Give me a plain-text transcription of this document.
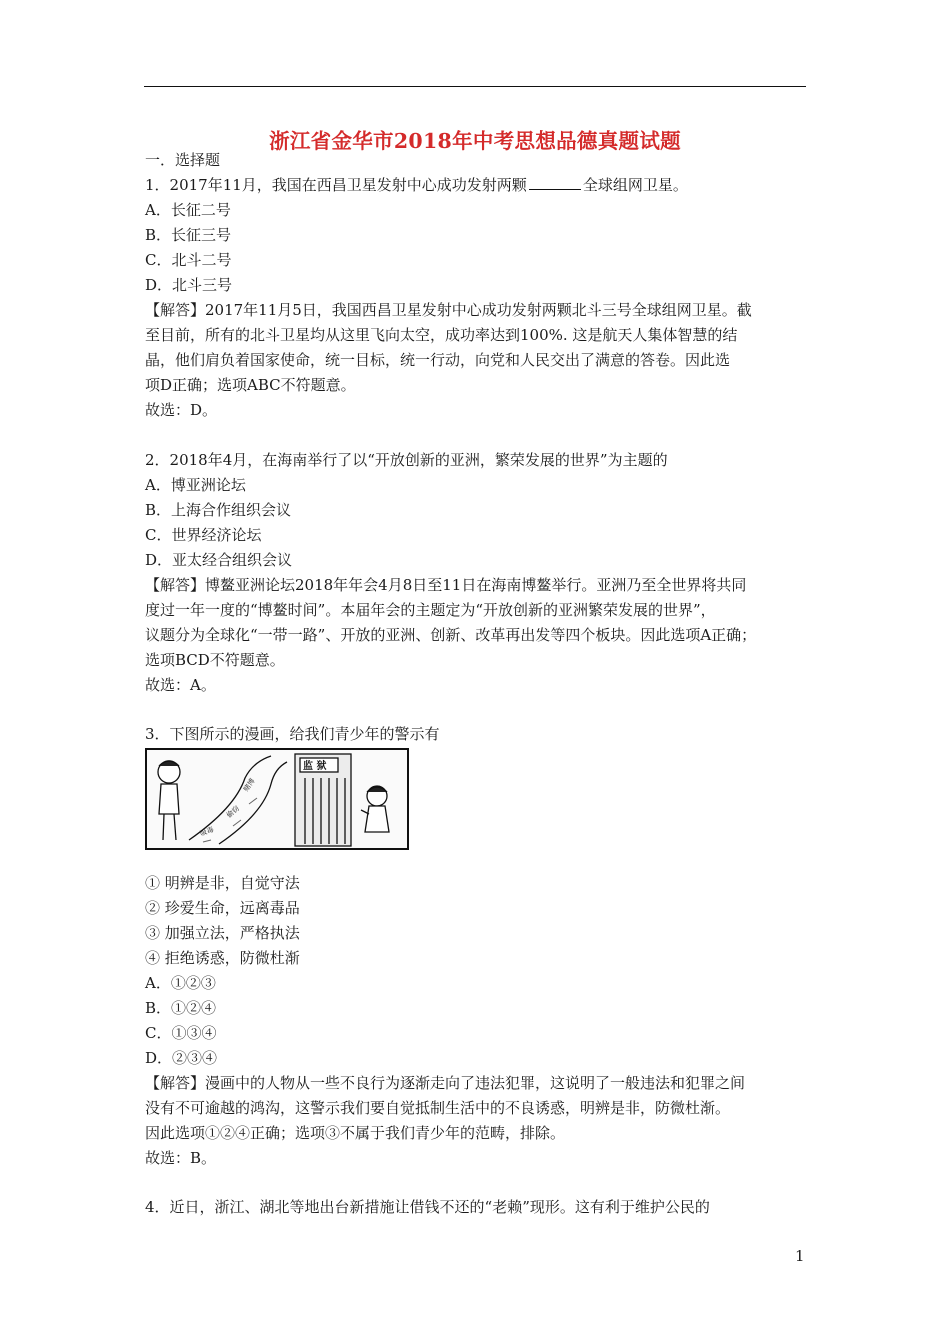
浙江省金华市2018年中考思想品德真题试题
一．选择题
1．2017年11月，我国在西昌卫星发射中心成功发射两颗	全球组网卫星。
A．长征二号
B．长征三号
C．北斗二号
D．北斗三号
【解答】2017年11月5日，我国西昌卫星发射中心成功发射两颗北斗三号全球组网卫星。截
至目前，所有的北斗卫星均从这里飞向太空，成功率达到100%. 这是航天人集体智慧的结
晶，他们肩负着国家使命，统一目标，统一行动，向党和人民交出了满意的答卷。因此选
项D正确；选项ABC不符题意。
故选：D。
2．2018年4月，在海南举行了以“开放创新的亚洲，繁荣发展的世界”为主题的
A．博亚洲论坛
B．上海合作组织会议
C．世界经济论坛
D．亚太经合组织会议
【解答】博鳌亚洲论坛2018年年会4月8日至11日在海南博鳌举行。亚洲乃至全世界将共同
度过一年一度的“博鳌时间”。本届年会的主题定为“开放创新的亚洲繁荣发展的世界”，
议题分为全球化“一带一路”、开放的亚洲、创新、改革再出发等四个板块。因此选项A正确；
选项BCD不符题意。
故选：A。
3．下图所示的漫画，给我们青少年的警示有
吸毒
偷窃
赌博
监 狱
① 明辨是非，自觉守法
② 珍爱生命，远离毒品
③ 加强立法，严格执法
④ 拒绝诱惑，防微杜渐
A．①②③
B．①②④
C．①③④
D．②③④
【解答】漫画中的人物从一些不良行为逐渐走向了违法犯罪，这说明了一般违法和犯罪之间
没有不可逾越的鸿沟，这警示我们要自觉抵制生活中的不良诱惑，明辨是非，防微杜渐。
因此选项①②④正确；选项③不属于我们青少年的范畴，排除。
故选：B。
4．近日，浙江、湖北等地出台新措施让借钱不还的“老赖”现形。这有利于维护公民的
1
